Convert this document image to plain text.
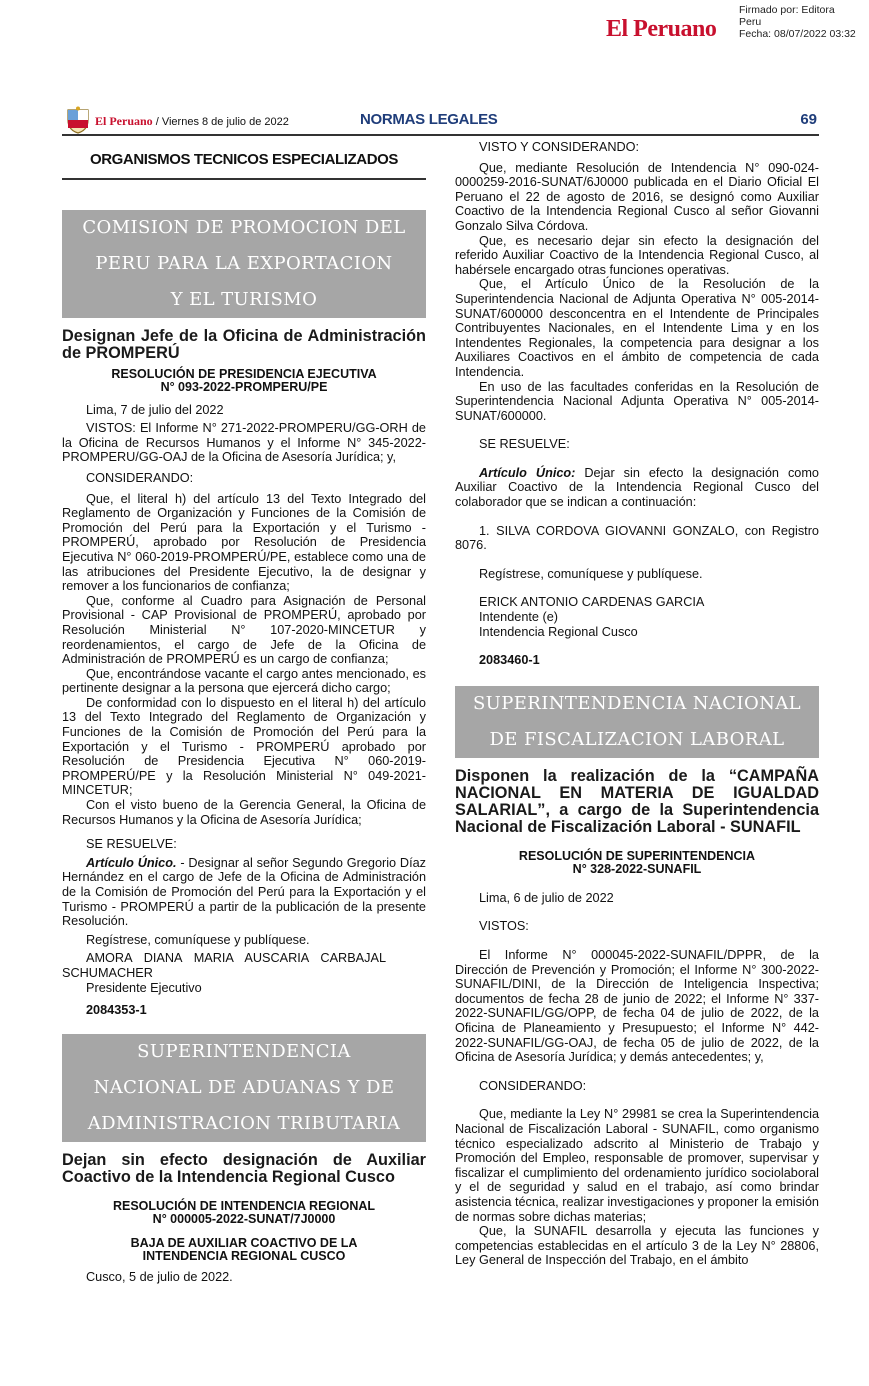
El Peruano
Firmado por: Editora
Peru
Fecha: 08/07/2022 03:32
El Peruano / Viernes 8 de julio de 2022	NORMAS LEGALES	69
ORGANISMOS TECNICOS ESPECIALIZADOS
COMISION DE PROMOCION DEL
PERU PARA LA EXPORTACION
Y EL TURISMO
Designan Jefe de la Oficina de Administración de PROMPERÚ
RESOLUCIÓN DE PRESIDENCIA EJECUTIVA
N° 093-2022-PROMPERU/PE
Lima, 7 de julio del 2022
VISTOS: El Informe N° 271-2022-PROMPERU/GG-ORH de la Oficina de Recursos Humanos y el Informe N° 345-2022-PROMPERU/GG-OAJ de la Oficina de Asesoría Jurídica; y,
CONSIDERANDO:
Que, el literal h) del artículo 13 del Texto Integrado del Reglamento de Organización y Funciones de la Comisión de Promoción del Perú para la Exportación y el Turismo - PROMPERÚ, aprobado por Resolución de Presidencia Ejecutiva N° 060-2019-PROMPERÚ/PE, establece como una de las atribuciones del Presidente Ejecutivo, la de designar y remover a los funcionarios de confianza;
Que, conforme al Cuadro para Asignación de Personal Provisional - CAP Provisional de PROMPERÚ, aprobado por Resolución Ministerial N° 107-2020-MINCETUR y reordenamientos, el cargo de Jefe de la Oficina de Administración de PROMPERÚ es un cargo de confianza;
Que, encontrándose vacante el cargo antes mencionado, es pertinente designar a la persona que ejercerá dicho cargo;
De conformidad con lo dispuesto en el literal h) del artículo 13 del Texto Integrado del Reglamento de Organización y Funciones de la Comisión de Promoción del Perú para la Exportación y el Turismo - PROMPERÚ aprobado por Resolución de Presidencia Ejecutiva N° 060-2019-PROMPERÚ/PE y la Resolución Ministerial N° 049-2021-MINCETUR;
Con el visto bueno de la Gerencia General, la Oficina de Recursos Humanos y la Oficina de Asesoría Jurídica;
SE RESUELVE:
Artículo Único. - Designar al señor Segundo Gregorio Díaz Hernández en el cargo de Jefe de la Oficina de Administración de la Comisión de Promoción del Perú para la Exportación y el Turismo - PROMPERÚ a partir de la publicación de la presente Resolución.
Regístrese, comuníquese y publíquese.
AMORA DIANA MARIA AUSCARIA CARBAJAL SCHUMACHER
Presidente Ejecutivo
2084353-1
SUPERINTENDENCIA
NACIONAL DE ADUANAS Y DE
ADMINISTRACION TRIBUTARIA
Dejan sin efecto designación de Auxiliar Coactivo de la Intendencia Regional Cusco
RESOLUCIÓN DE INTENDENCIA REGIONAL
N° 000005-2022-SUNAT/7J0000
BAJA DE AUXILIAR COACTIVO DE LA
INTENDENCIA REGIONAL CUSCO
Cusco, 5 de julio de 2022.
VISTO Y CONSIDERANDO:
Que, mediante Resolución de Intendencia N° 090-024-0000259-2016-SUNAT/6J0000 publicada en el Diario Oficial El Peruano el 22 de agosto de 2016, se designó como Auxiliar Coactivo de la Intendencia Regional Cusco al señor Giovanni Gonzalo Silva Córdova.
Que, es necesario dejar sin efecto la designación del referido Auxiliar Coactivo de la Intendencia Regional Cusco, al habérsele encargado otras funciones operativas.
Que, el Artículo Único de la Resolución de la Superintendencia Nacional de Adjunta Operativa N° 005-2014-SUNAT/600000 desconcentra en el Intendente de Principales Contribuyentes Nacionales, en el Intendente Lima y en los Intendentes Regionales, la competencia para designar a los Auxiliares Coactivos en el ámbito de competencia de cada Intendencia.
En uso de las facultades conferidas en la Resolución de Superintendencia Nacional Adjunta Operativa N° 005-2014-SUNAT/600000.
SE RESUELVE:
Artículo Único: Dejar sin efecto la designación como Auxiliar Coactivo de la Intendencia Regional Cusco del colaborador que se indican a continuación:
1. SILVA CORDOVA GIOVANNI GONZALO, con Registro 8076.
Regístrese, comuníquese y publíquese.
ERICK ANTONIO CARDENAS GARCIA
Intendente (e)
Intendencia Regional Cusco
2083460-1
SUPERINTENDENCIA NACIONAL
DE FISCALIZACION LABORAL
Disponen la realización de la “CAMPAÑA NACIONAL EN MATERIA DE IGUALDAD SALARIAL”, a cargo de la Superintendencia Nacional de Fiscalización Laboral - SUNAFIL
RESOLUCIÓN DE SUPERINTENDENCIA
N° 328-2022-SUNAFIL
Lima, 6 de julio de 2022
VISTOS:
El Informe N° 000045-2022-SUNAFIL/DPPR, de la Dirección de Prevención y Promoción; el Informe N° 300-2022-SUNAFIL/DINI, de la Dirección de Inteligencia Inspectiva; documentos de fecha 28 de junio de 2022; el Informe N° 337-2022-SUNAFIL/GG/OPP, de fecha 04 de julio de 2022, de la Oficina de Planeamiento y Presupuesto; el Informe N° 442-2022-SUNAFIL/GG-OAJ, de fecha 05 de julio de 2022, de la Oficina de Asesoría Jurídica; y demás antecedentes; y,
CONSIDERANDO:
Que, mediante la Ley N° 29981 se crea la Superintendencia Nacional de Fiscalización Laboral - SUNAFIL, como organismo técnico especializado adscrito al Ministerio de Trabajo y Promoción del Empleo, responsable de promover, supervisar y fiscalizar el cumplimiento del ordenamiento jurídico sociolaboral y el de seguridad y salud en el trabajo, así como brindar asistencia técnica, realizar investigaciones y proponer la emisión de normas sobre dichas materias;
Que, la SUNAFIL desarrolla y ejecuta las funciones y competencias establecidas en el artículo 3 de la Ley N° 28806, Ley General de Inspección del Trabajo, en el ámbito
